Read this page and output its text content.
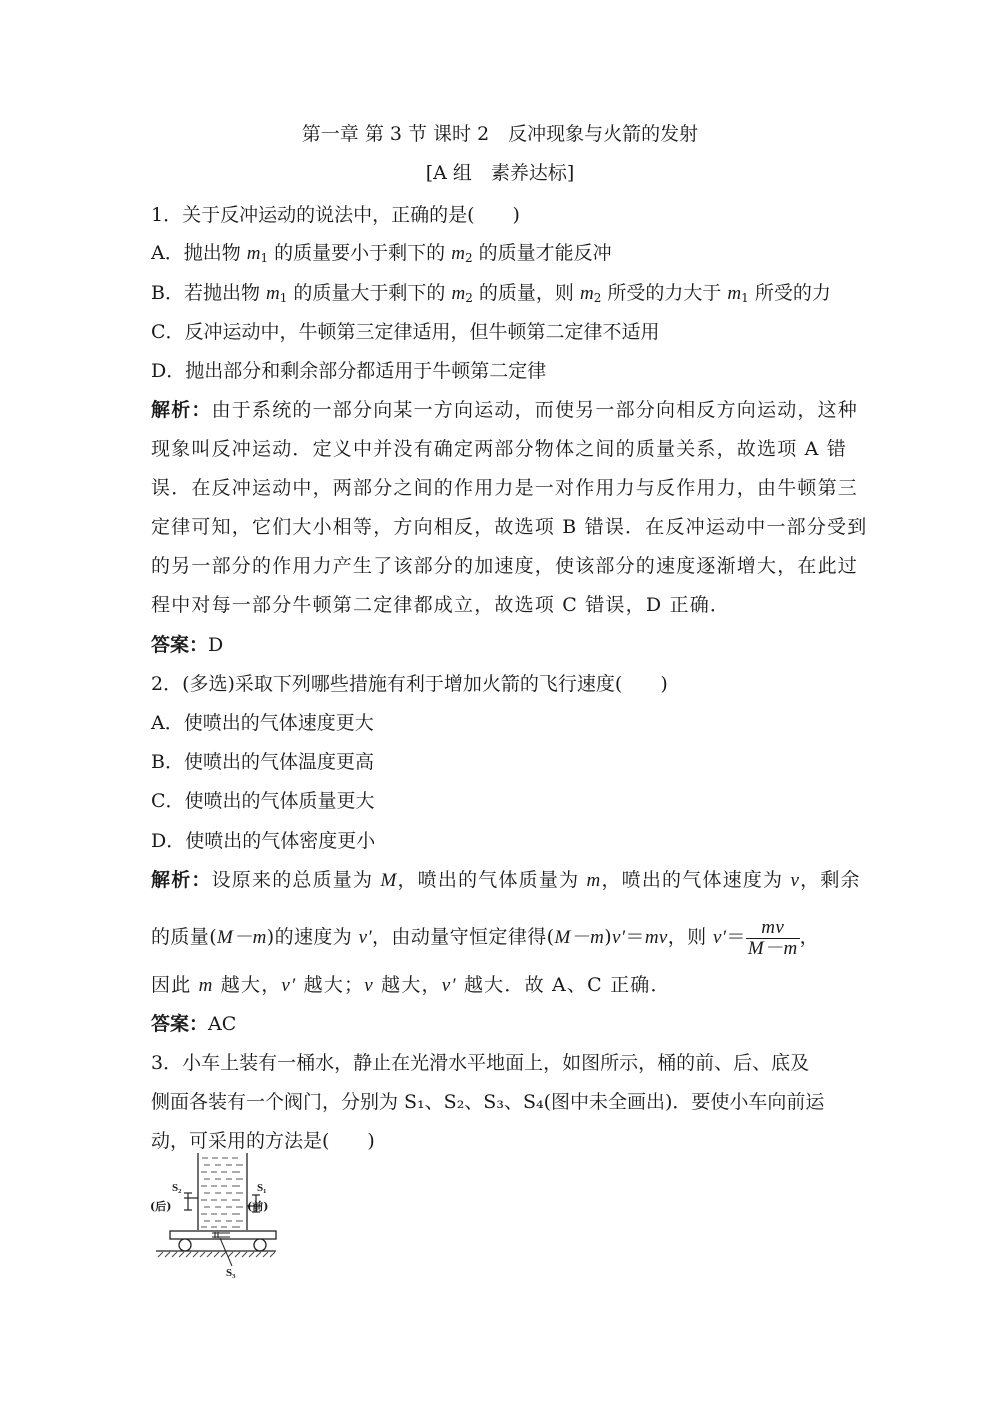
第一章 第 3 节 课时 2　反冲现象与火箭的发射
[A 组　素养达标]
1．关于反冲运动的说法中，正确的是(　　)
A．抛出物 $m_1$ 的质量要小于剩下的 $m_2$ 的质量才能反冲
B．若抛出物 $m_1$ 的质量大于剩下的 $m_2$ 的质量，则 $m_2$ 所受的力大于 $m_1$ 所受的力
C．反冲运动中，牛顿第三定律适用，但牛顿第二定律不适用
D．抛出部分和剩余部分都适用于牛顿第二定律
解析：由于系统的一部分向某一方向运动，而使另一部分向相反方向运动，这种
现象叫反冲运动．定义中并没有确定两部分物体之间的质量关系，故选项 A 错
误．在反冲运动中，两部分之间的作用力是一对作用力与反作用力，由牛顿第三
定律可知，它们大小相等，方向相反，故选项 B 错误．在反冲运动中一部分受到
的另一部分的作用力产生了该部分的加速度，使该部分的速度逐渐增大，在此过
程中对每一部分牛顿第二定律都成立，故选项 C 错误，D 正确．
答案：D
2．(多选)采取下列哪些措施有利于增加火箭的飞行速度(　　)
A．使喷出的气体速度更大
B．使喷出的气体温度更高
C．使喷出的气体质量更大
D．使喷出的气体密度更小
解析：设原来的总质量为 M，喷出的气体质量为 m，喷出的气体速度为 v，剩余
的质量(M－m)的速度为 v′，由动量守恒定律得(M－m)v′＝mv，则 $v'= \frac{mv}{M-m}$ ，
因此 m 越大，v′ 越大；v 越大，v′ 越大．故 A、C 正确．
答案：AC
3．小车上装有一桶水，静止在光滑水平地面上，如图所示，桶的前、后、底及
侧面各装有一个阀门，分别为 S₁、S₂、S₃、S₄(图中未全画出)．要使小车向前运
动，可采用的方法是(　　)
S₂
(后)
S₁
(前)
S₃
